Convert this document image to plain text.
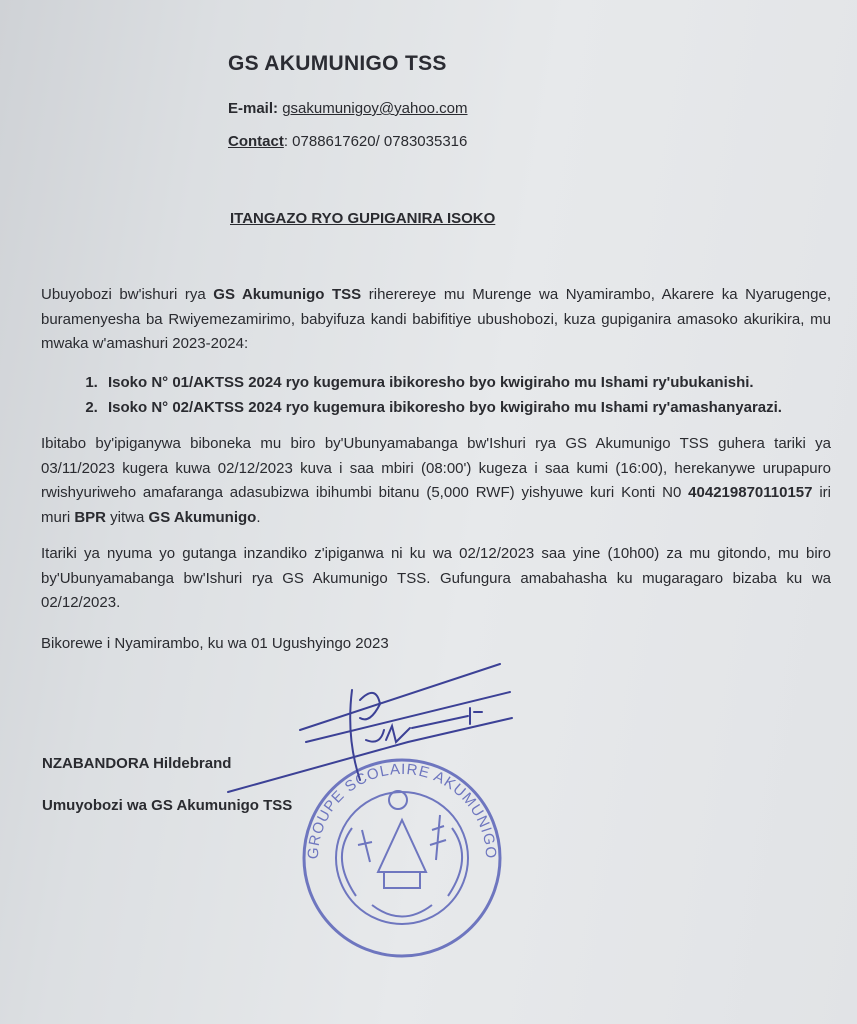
GS AKUMUNIGO TSS
E-mail: gsakumunigoy@yahoo.com
Contact: 0788617620/ 0783035316
ITANGAZO RYO GUPIGANIRA ISOKO
Ubuyobozi bw'ishuri rya GS Akumunigo TSS riherereye mu Murenge wa Nyamirambo, Akarere ka Nyarugenge, buramenyesha ba Rwiyemezamirimo, babyifuza kandi babifitiye ubushobozi, kuza gupiganira amasoko akurikira, mu mwaka w'amashuri 2023-2024:
1. Isoko N° 01/AKTSS 2024 ryo kugemura ibikoresho byo kwigiraho mu Ishami ry'ubukanishi.
2. Isoko N° 02/AKTSS 2024 ryo kugemura ibikoresho byo kwigiraho mu Ishami ry'amashanyarazi.
Ibitabo by'ipiganywa biboneka mu biro by'Ubunyamabanga bw'Ishuri rya GS Akumunigo TSS guhera tariki ya 03/11/2023 kugera kuwa 02/12/2023 kuva i saa mbiri (08:00') kugeza i saa kumi (16:00), herekanywe urupapuro rwishyuriweho amafaranga adasubizwa ibihumbi bitanu (5,000 RWF) yishyuwe kuri Konti N0 404219870110157 iri muri BPR yitwa GS Akumunigo.
Itariki ya nyuma yo gutanga inzandiko z'ipiganwa ni ku wa 02/12/2023 saa yine (10h00) za mu gitondo, mu biro by'Ubunyamabanga bw'Ishuri rya GS Akumunigo TSS. Gufungura amabahasha ku mugaragaro bizaba ku wa 02/12/2023.
Bikorewe i Nyamirambo, ku wa 01 Ugushyingo 2023
NZABANDORA Hildebrand
Umuyobozi wa GS Akumunigo TSS
GROUPE SCOLAIRE AKUMUNIGO
